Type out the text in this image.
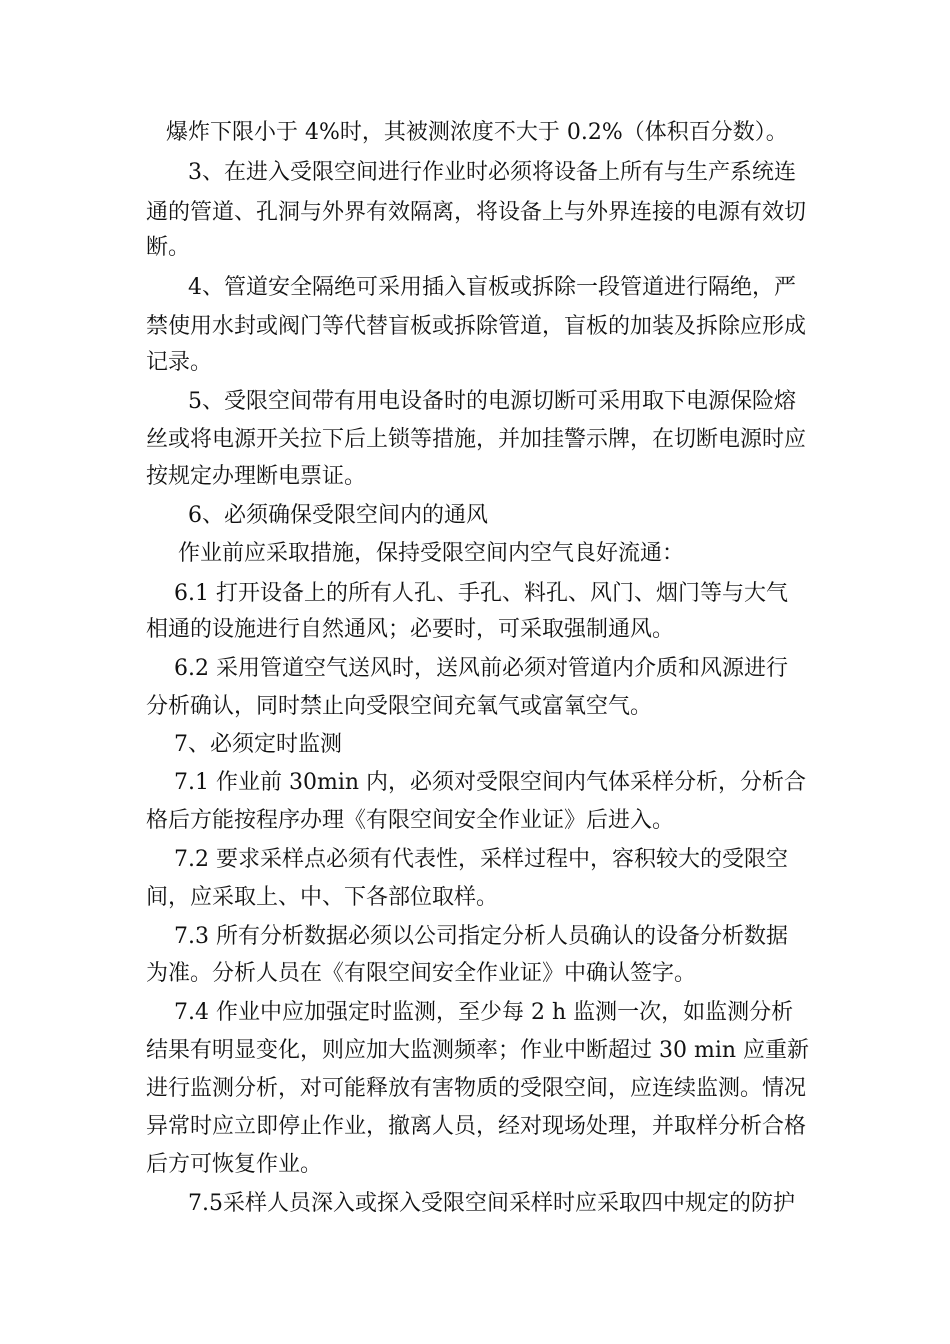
爆炸下限小于 4%时，其被测浓度不大于 0.2%（体积百分数）。
3、在进入受限空间进行作业时必须将设备上所有与生产系统连
通的管道、孔洞与外界有效隔离，将设备上与外界连接的电源有效切
断。
4、管道安全隔绝可采用插入盲板或拆除一段管道进行隔绝，严
禁使用水封或阀门等代替盲板或拆除管道，盲板的加装及拆除应形成
记录。
5、受限空间带有用电设备时的电源切断可采用取下电源保险熔
丝或将电源开关拉下后上锁等措施，并加挂警示牌，在切断电源时应
按规定办理断电票证。
6、必须确保受限空间内的通风
作业前应采取措施，保持受限空间内空气良好流通：
6.1 打开设备上的所有人孔、手孔、料孔、风门、烟门等与大气
相通的设施进行自然通风；必要时，可采取强制通风。
6.2 采用管道空气送风时，送风前必须对管道内介质和风源进行
分析确认，同时禁止向受限空间充氧气或富氧空气。
7、必须定时监测
7.1 作业前 30min 内，必须对受限空间内气体采样分析，分析合
格后方能按程序办理《有限空间安全作业证》后进入。
7.2 要求采样点必须有代表性，采样过程中，容积较大的受限空
间，应采取上、中、下各部位取样。
7.3 所有分析数据必须以公司指定分析人员确认的设备分析数据
为准。分析人员在《有限空间安全作业证》中确认签字。
7.4 作业中应加强定时监测，至少每 2 h 监测一次，如监测分析
结果有明显变化，则应加大监测频率；作业中断超过 30 min 应重新
进行监测分析，对可能释放有害物质的受限空间，应连续监测。情况
异常时应立即停止作业，撤离人员，经对现场处理，并取样分析合格
后方可恢复作业。
7.5采样人员深入或探入受限空间采样时应采取四中规定的防护
